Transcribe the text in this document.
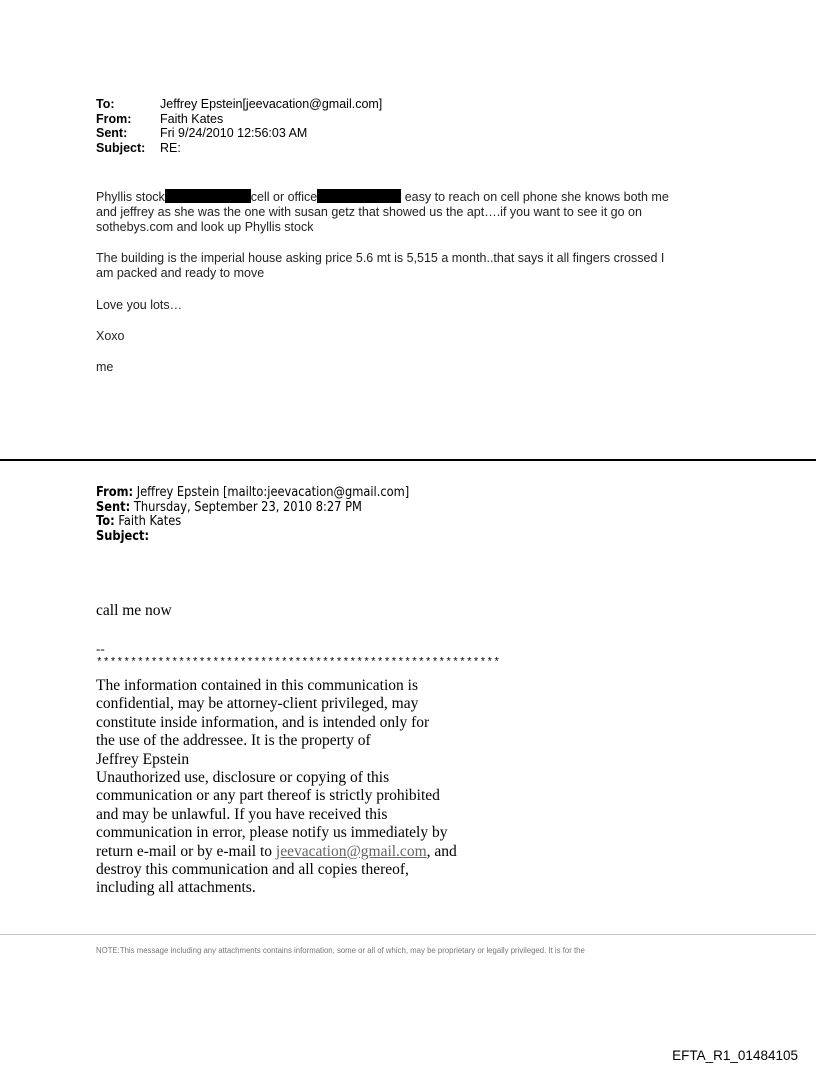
To:	Jeffrey Epstein[jeevacation@gmail.com]
From:	Faith Kates
Sent:	Fri 9/24/2010 12:56:03 AM
Subject:	RE:
Phyllis stock	cell or office	easy to reach on cell phone she knows both me
and jeffrey as she was the one with susan getz that showed us the apt….if you want to see it go on
sothebys.com and look up Phyllis stock
The building is the imperial house asking price 5.6 mt is 5,515 a month..that says it all fingers crossed I
am packed and ready to move
Love you lots…
Xoxo
me
From: Jeffrey Epstein [mailto:jeevacation@gmail.com]
Sent: Thursday, September 23, 2010 8:27 PM
To: Faith Kates
Subject:
call me now
--
***********************************************************
The information contained in this communication is
confidential, may be attorney-client privileged, may
constitute inside information, and is intended only for
the use of the addressee. It is the property of
Jeffrey Epstein
Unauthorized use, disclosure or copying of this
communication or any part thereof is strictly prohibited
and may be unlawful. If you have received this
communication in error, please notify us immediately by
return e-mail or by e-mail to jeevacation@gmail.com, and
destroy this communication and all copies thereof,
including all attachments.
NOTE:This message including any attachments contains information, some or all of which, may be proprietary or legally privileged. It is for the
EFTA_R1_01484105
